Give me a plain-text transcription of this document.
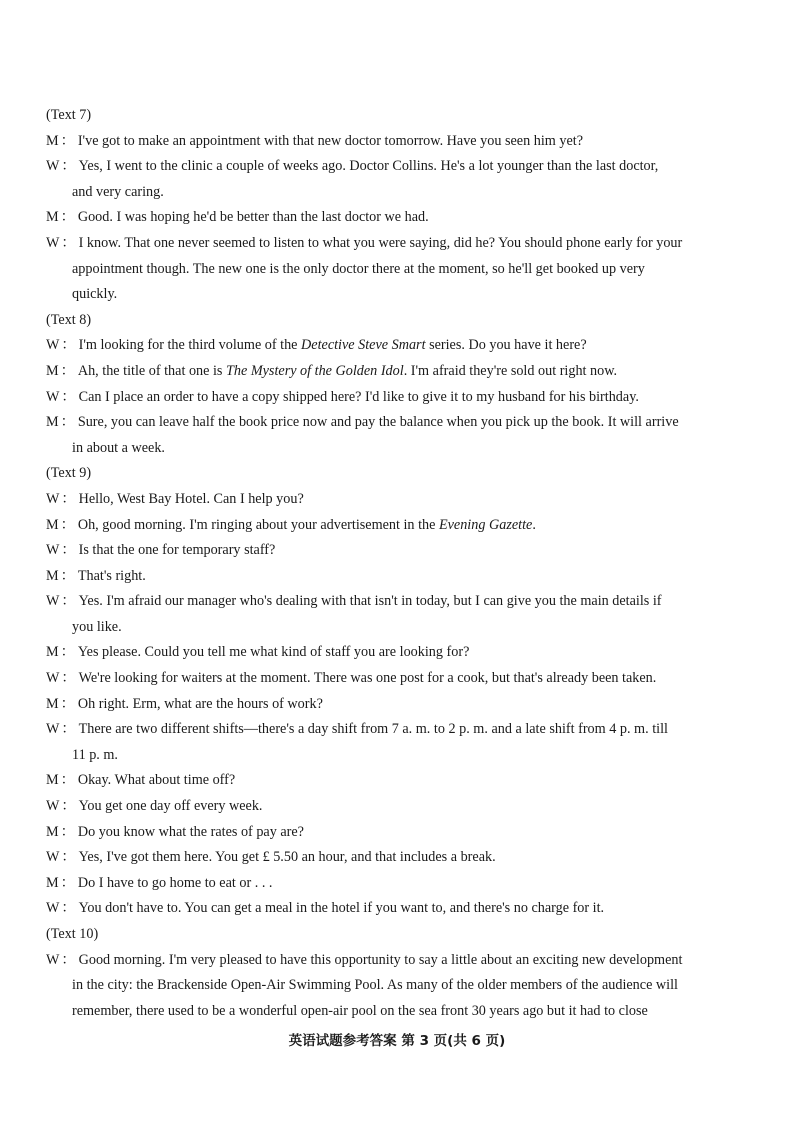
(Text 7)
M ： I've got to make an appointment with that new doctor tomorrow. Have you seen him yet?
W ： Yes, I went to the clinic a couple of weeks ago. Doctor Collins. He's a lot younger than the last doctor,
and very caring.
M ： Good. I was hoping he'd be better than the last doctor we had.
W ： I know. That one never seemed to listen to what you were saying, did he? You should phone early for your
appointment though. The new one is the only doctor there at the moment, so he'll get booked up very
quickly.
(Text 8)
W ： I'm looking for the third volume of the Detective Steve Smart series. Do you have it here?
M ： Ah, the title of that one is The Mystery of the Golden Idol. I'm afraid they're sold out right now.
W ： Can I place an order to have a copy shipped here? I'd like to give it to my husband for his birthday.
M ： Sure, you can leave half the book price now and pay the balance when you pick up the book. It will arrive
in about a week.
(Text 9)
W ： Hello, West Bay Hotel. Can I help you?
M ： Oh, good morning. I'm ringing about your advertisement in the Evening Gazette.
W ： Is that the one for temporary staff?
M ： That's right.
W ： Yes. I'm afraid our manager who's dealing with that isn't in today, but I can give you the main details if
you like.
M ： Yes please. Could you tell me what kind of staff you are looking for?
W ： We're looking for waiters at the moment. There was one post for a cook, but that's already been taken.
M ： Oh right. Erm, what are the hours of work?
W ： There are two different shifts—there's a day shift from 7 a. m. to 2 p. m. and a late shift from 4 p. m. till
11 p. m.
M ： Okay. What about time off?
W ： You get one day off every week.
M ： Do you know what the rates of pay are?
W ： Yes, I've got them here. You get £ 5.50 an hour, and that includes a break.
M ： Do I have to go home to eat or . . .
W ： You don't have to. You can get a meal in the hotel if you want to, and there's no charge for it.
(Text 10)
W ： Good morning. I'm very pleased to have this opportunity to say a little about an exciting new development
in the city: the Brackenside Open-Air Swimming Pool. As many of the older members of the audience will
remember, there used to be a wonderful open-air pool on the sea front 30 years ago but it had to close
英语试题参考答案 第 3 页(共 6 页)
